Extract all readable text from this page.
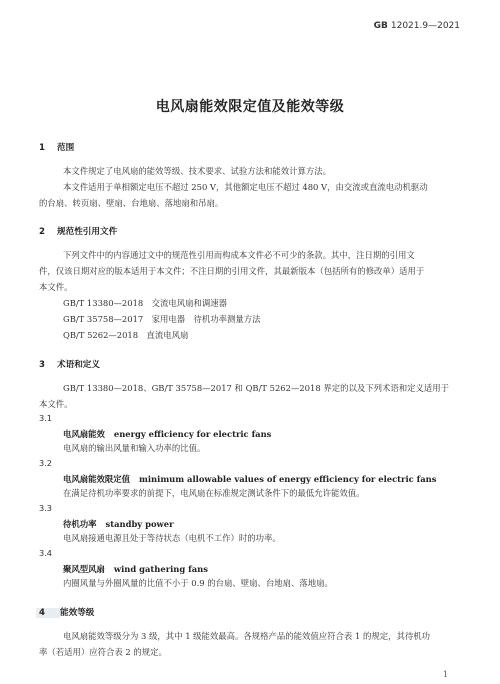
GB 12021.9—2021
电风扇能效限定值及能效等级
1 范围
本文件规定了电风扇的能效等级、技术要求、试验方法和能效计算方法。
本文件适用于单相额定电压不超过 250 V，其他额定电压不超过 480 V，由交流或直流电动机驱动
的台扇、转页扇、壁扇、台地扇、落地扇和吊扇。
2 规范性引用文件
下列文件中的内容通过文中的规范性引用而构成本文件必不可少的条款。其中，注日期的引用文
件，仅该日期对应的版本适用于本文件；不注日期的引用文件，其最新版本（包括所有的修改单）适用于
本文件。
GB/T 13380—2018　交流电风扇和调速器
GB/T 35758—2017　家用电器　待机功率测量方法
QB/T 5262—2018　直流电风扇
3 术语和定义
GB/T 13380—2018、GB/T 35758—2017 和 QB/T 5262—2018 界定的以及下列术语和定义适用于
本文件。
3.1
电风扇能效 energy efficiency for electric fans
电风扇的输出风量和输入功率的比值。
3.2
电风扇能效限定值 minimum allowable values of energy efficiency for electric fans
在满足待机功率要求的前提下，电风扇在标准规定测试条件下的最低允许能效值。
3.3
待机功率 standby power
电风扇接通电源且处于等待状态（电机不工作）时的功率。
3.4
聚风型风扇 wind gathering fans
内圈风量与外圈风量的比值不小于 0.9 的台扇、壁扇、台地扇、落地扇。
4 能效等级
电风扇能效等级分为 3 级，其中 1 级能效最高。各规格产品的能效值应符合表 1 的规定，其待机功
率（若适用）应符合表 2 的规定。
1
